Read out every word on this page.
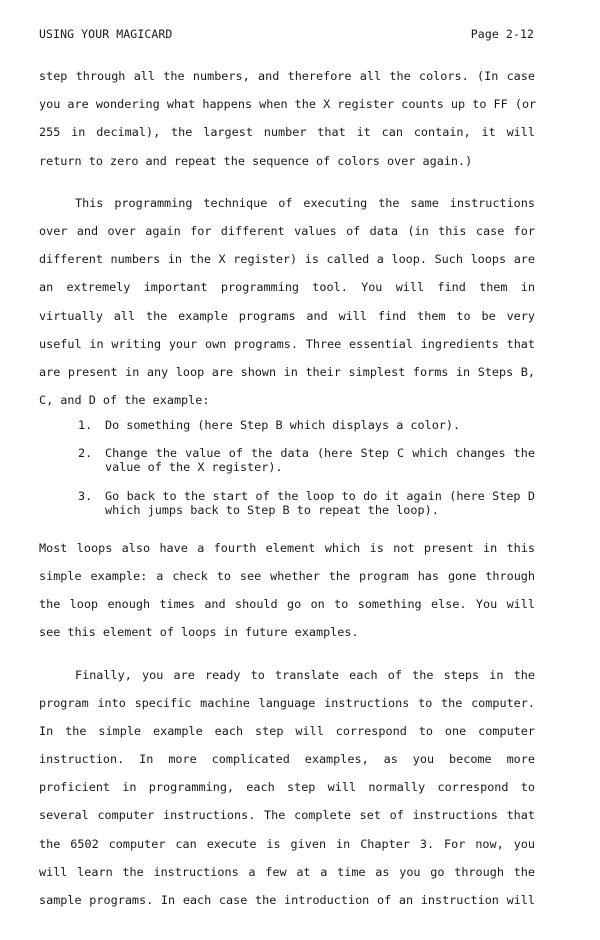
USING YOUR MAGICARD	Page 2-12
step through all the numbers, and therefore all the colors. (In case
you are wondering what happens when the X register counts up to FF (or
255 in decimal), the largest number that it can contain, it will
return to zero and repeat the sequence of colors over again.)
This programming technique of executing the same instructions
over and over again for different values of data (in this case for
different numbers in the X register) is called a loop. Such loops are
an extremely important programming tool. You will find them in
virtually all the example programs and will find them to be very
useful in writing your own programs. Three essential ingredients that
are present in any loop are shown in their simplest forms in Steps B,
C, and D of the example:
1. Do something (here Step B which displays a color).
2. Change the value of the data (here Step C which changes the
value of the X register).
3. Go back to the start of the loop to do it again (here Step D
which jumps back to Step B to repeat the loop).
Most loops also have a fourth element which is not present in this
simple example: a check to see whether the program has gone through
the loop enough times and should go on to something else. You will
see this element of loops in future examples.
Finally, you are ready to translate each of the steps in the
program into specific machine language instructions to the computer.
In the simple example each step will correspond to one computer
instruction. In more complicated examples, as you become more
proficient in programming, each step will normally correspond to
several computer instructions. The complete set of instructions that
the 6502 computer can execute is given in Chapter 3. For now, you
will learn the instructions a few at a time as you go through the
sample programs. In each case the introduction of an instruction will
